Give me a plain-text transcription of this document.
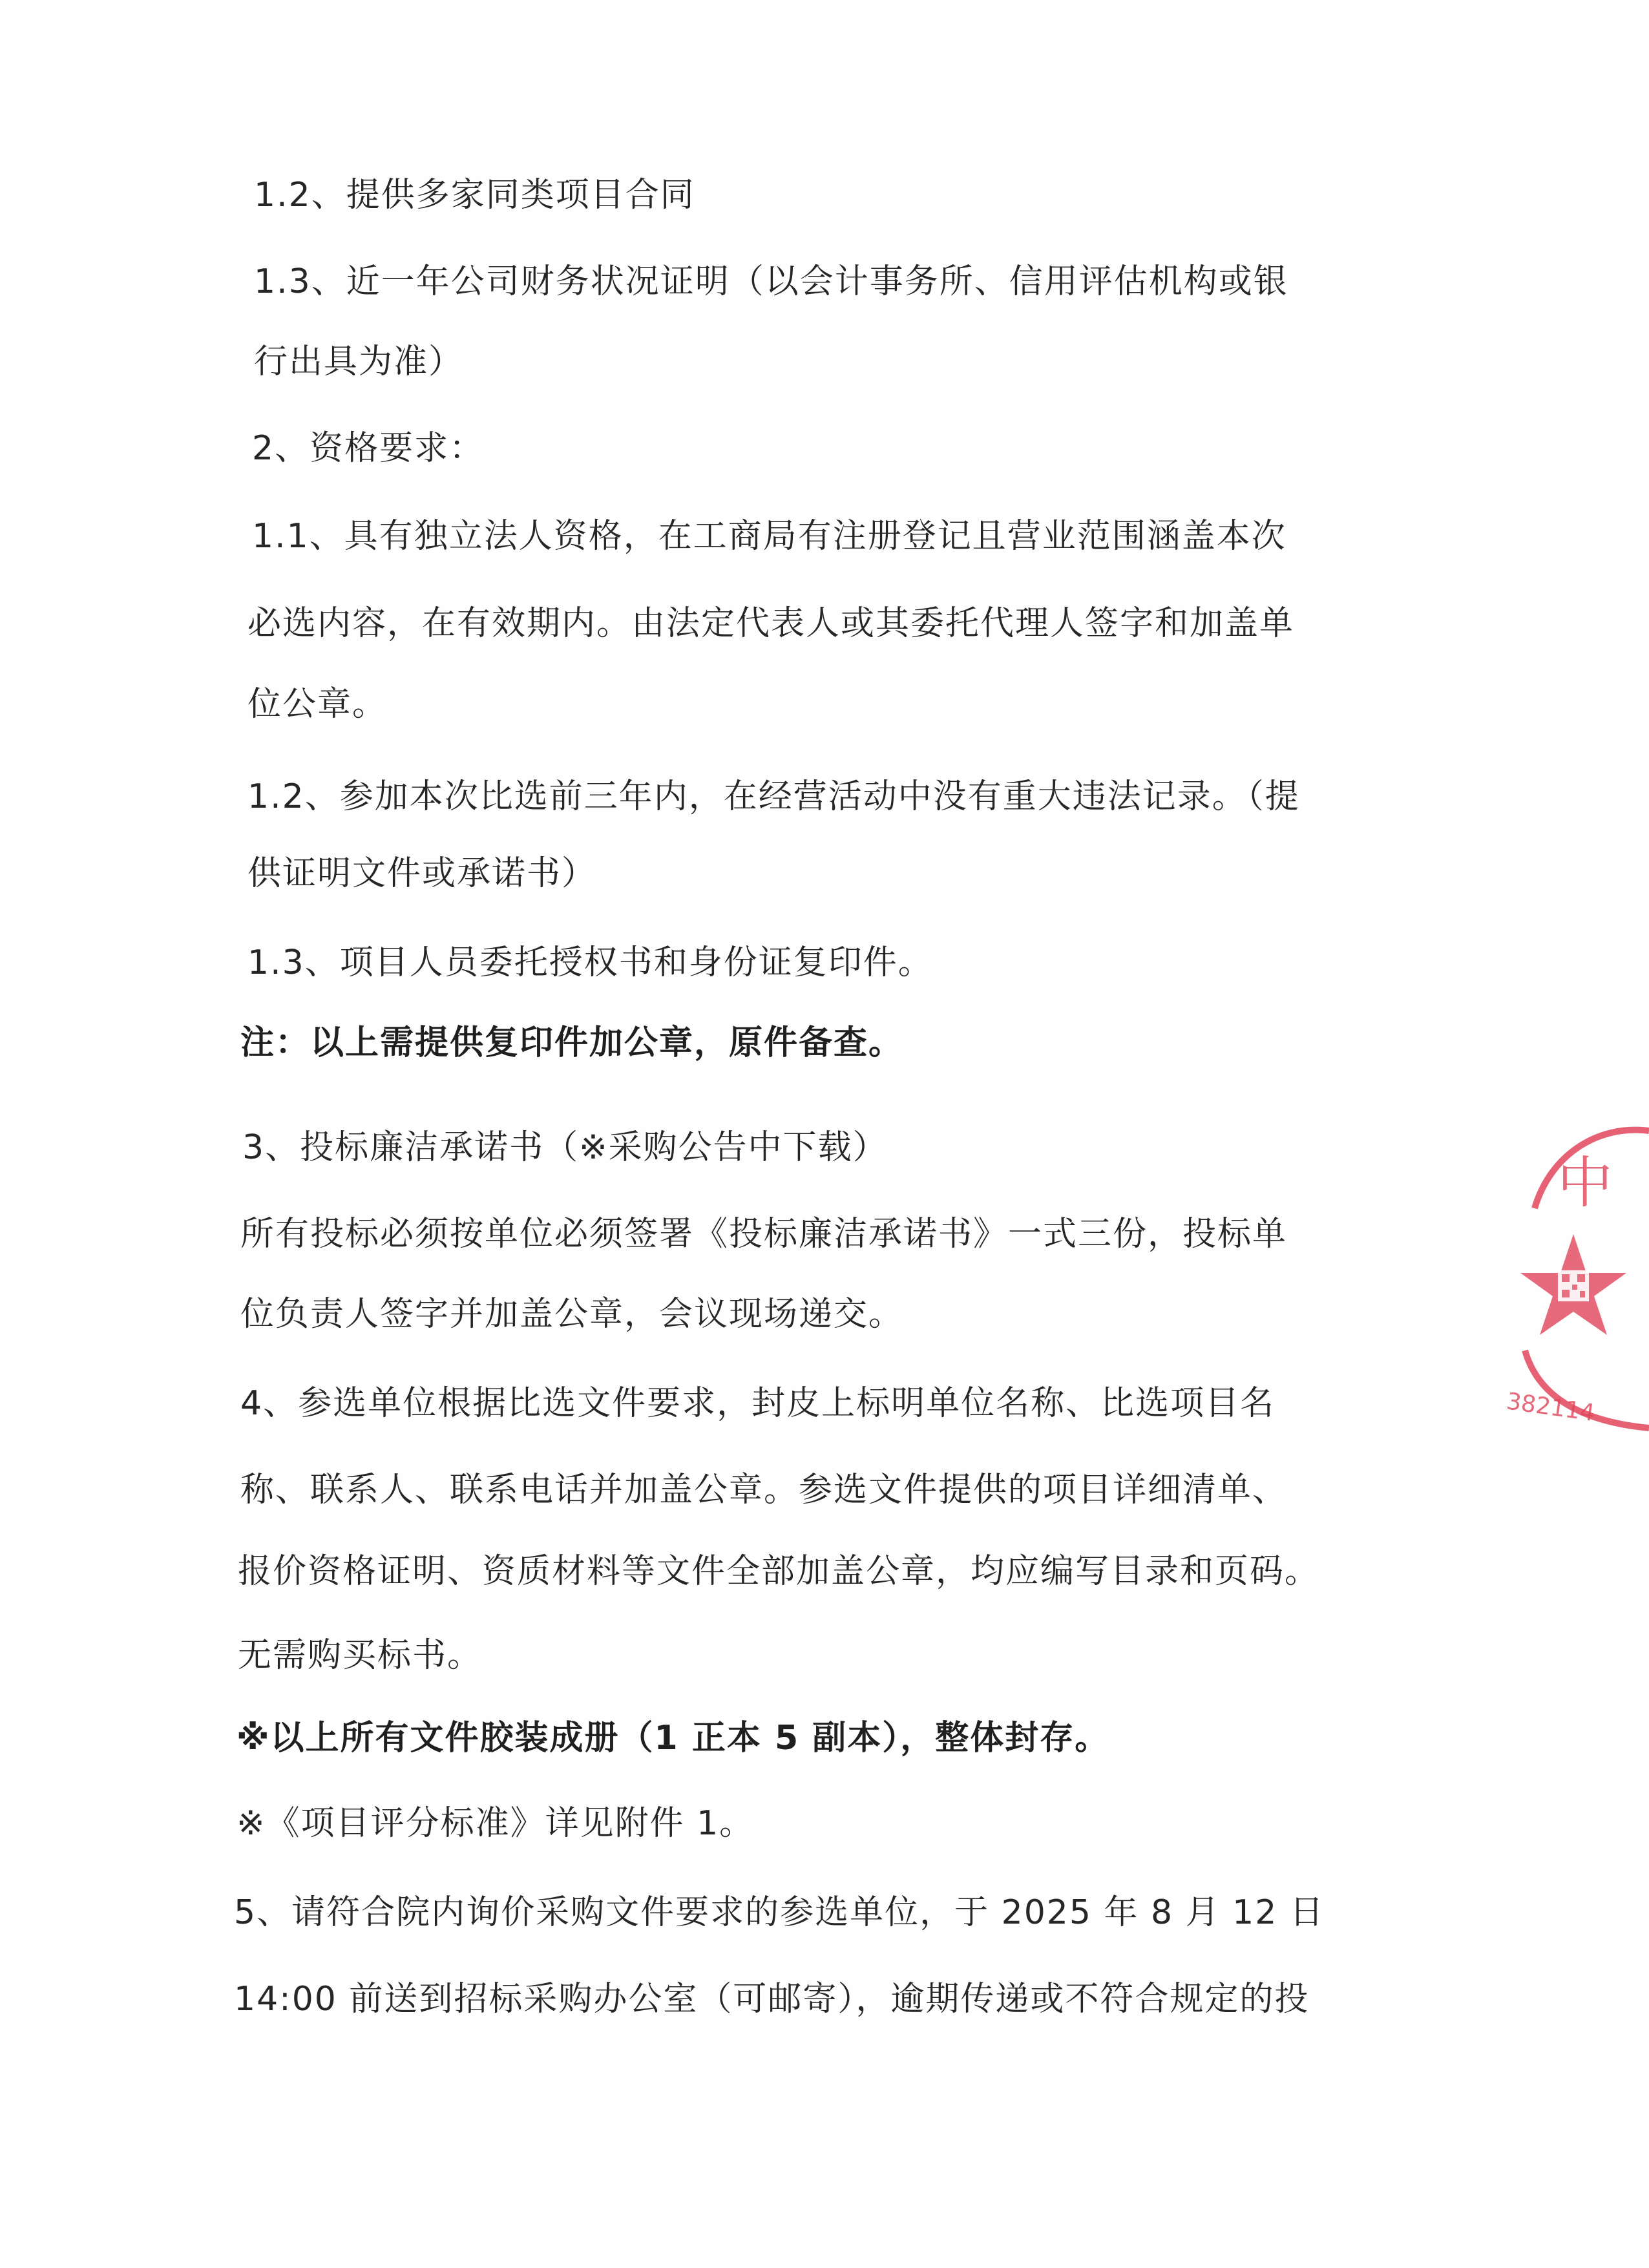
1.2、提供多家同类项目合同
1.3、近一年公司财务状况证明（以会计事务所、信用评估机构或银
行出具为准）
2、资格要求：
1.1、具有独立法人资格，在工商局有注册登记且营业范围涵盖本次
必选内容，在有效期内。由法定代表人或其委托代理人签字和加盖单
位公章。
1.2、参加本次比选前三年内，在经营活动中没有重大违法记录。（提
供证明文件或承诺书）
1.3、项目人员委托授权书和身份证复印件。
注：以上需提供复印件加公章，原件备查。
3、投标廉洁承诺书（※采购公告中下载）
所有投标必须按单位必须签署《投标廉洁承诺书》一式三份，投标单
位负责人签字并加盖公章，会议现场递交。
4、参选单位根据比选文件要求，封皮上标明单位名称、比选项目名
称、联系人、联系电话并加盖公章。参选文件提供的项目详细清单、
报价资格证明、资质材料等文件全部加盖公章，均应编写目录和页码。
无需购买标书。
※以上所有文件胶装成册（1 正本 5 副本），整体封存。
※《项目评分标准》详见附件 1。
5、请符合院内询价采购文件要求的参选单位，于 2025 年 8 月 12 日
14:00 前送到招标采购办公室（可邮寄），逾期传递或不符合规定的投
中
382114
